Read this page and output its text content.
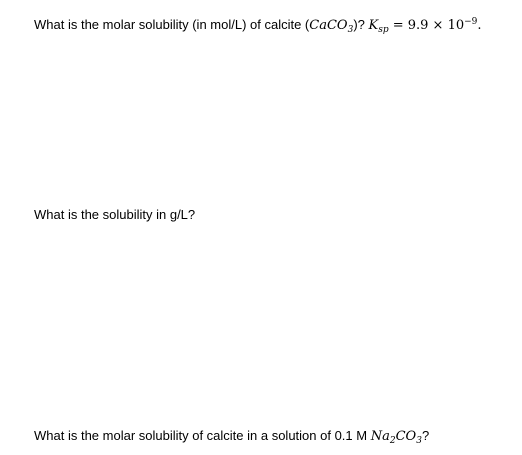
What is the molar solubility (in mol/L) of calcite (CaCO$_3$)? $K_{sp} = 9.9 \times 10^{-9}$.

What is the solubility in g/L?

What is the molar solubility of calcite in a solution of 0.1 M $Na_2CO_3$?
